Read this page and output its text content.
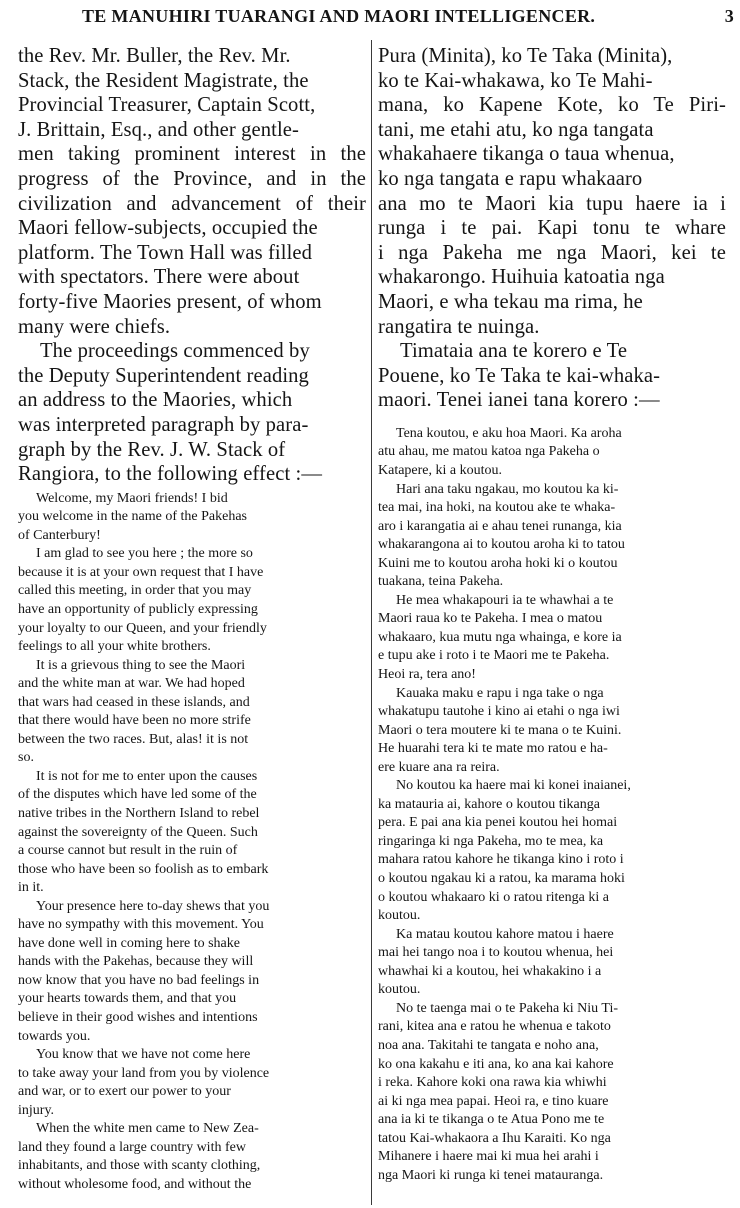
TE MANUHIRI TUARANGI AND MAORI INTELLIGENCER.	3
the Rev. Mr. Buller, the Rev. Mr.
Stack, the Resident Magistrate, the
Provincial Treasurer, Captain Scott,
J. Brittain, Esq., and other gentle-
men taking prominent interest in the
progress of the Province, and in the
civilization and advancement of their
Maori fellow-subjects, occupied the
platform. The Town Hall was filled
with spectators. There were about
forty-five Maories present, of whom
many were chiefs.
The proceedings commenced by
the Deputy Superintendent reading
an address to the Maories, which
was interpreted paragraph by para-
graph by the Rev. J. W. Stack of
Rangiora, to the following effect :—
Welcome, my Maori friends! I bid
you welcome in the name of the Pakehas
of Canterbury!
I am glad to see you here ; the more so
because it is at your own request that I have
called this meeting, in order that you may
have an opportunity of publicly expressing
your loyalty to our Queen, and your friendly
feelings to all your white brothers.
It is a grievous thing to see the Maori
and the white man at war. We had hoped
that wars had ceased in these islands, and
that there would have been no more strife
between the two races. But, alas! it is not
so.
It is not for me to enter upon the causes
of the disputes which have led some of the
native tribes in the Northern Island to rebel
against the sovereignty of the Queen. Such
a course cannot but result in the ruin of
those who have been so foolish as to embark
in it.
Your presence here to-day shews that you
have no sympathy with this movement. You
have done well in coming here to shake
hands with the Pakehas, because they will
now know that you have no bad feelings in
your hearts towards them, and that you
believe in their good wishes and intentions
towards you.
You know that we have not come here
to take away your land from you by violence
and war, or to exert our power to your
injury.
When the white men came to New Zea-
land they found a large country with few
inhabitants, and those with scanty clothing,
without wholesome food, and without the
Pura (Minita), ko Te Taka (Minita),
ko te Kai-whakawa, ko Te Mahi-
mana, ko Kapene Kote, ko Te Piri-
tani, me etahi atu, ko nga tangata
whakahaere tikanga o taua whenua,
ko nga tangata e rapu whakaaro
ana mo te Maori kia tupu haere ia i
runga i te pai. Kapi tonu te whare
i nga Pakeha me nga Maori, kei te
whakarongo. Huihuia katoatia nga
Maori, e wha tekau ma rima, he
rangatira te nuinga.
Timataia ana te korero e Te
Pouene, ko Te Taka te kai-whaka-
maori. Tenei ianei tana korero :—
Tena koutou, e aku hoa Maori. Ka aroha
atu ahau, me matou katoa nga Pakeha o
Katapere, ki a koutou.
Hari ana taku ngakau, mo koutou ka ki-
tea mai, ina hoki, na koutou ake te whaka-
aro i karangatia ai e ahau tenei runanga, kia
whakarangona ai to koutou aroha ki to tatou
Kuini me to koutou aroha hoki ki o koutou
tuakana, teina Pakeha.
He mea whakapouri ia te whawhai a te
Maori raua ko te Pakeha. I mea o matou
whakaaro, kua mutu nga whainga, e kore ia
e tupu ake i roto i te Maori me te Pakeha.
Heoi ra, tera ano!
Kauaka maku e rapu i nga take o nga
whakatupu tautohe i kino ai etahi o nga iwi
Maori o tera moutere ki te mana o te Kuini.
He huarahi tera ki te mate mo ratou e ha-
ere kuare ana ra reira.
No koutou ka haere mai ki konei inaianei,
ka matauria ai, kahore o koutou tikanga
pera. E pai ana kia penei koutou hei homai
ringaringa ki nga Pakeha, mo te mea, ka
mahara ratou kahore he tikanga kino i roto i
o koutou ngakau ki a ratou, ka marama hoki
o koutou whakaaro ki o ratou ritenga ki a
koutou.
Ka matau koutou kahore matou i haere
mai hei tango noa i to koutou whenua, hei
whawhai ki a koutou, hei whakakino i a
koutou.
No te taenga mai o te Pakeha ki Niu Ti-
rani, kitea ana e ratou he whenua e takoto
noa ana. Takitahi te tangata e noho ana,
ko ona kakahu e iti ana, ko ana kai kahore
i reka. Kahore koki ona rawa kia whiwhi
ai ki nga mea papai. Heoi ra, e tino kuare
ana ia ki te tikanga o te Atua Pono me te
tatou Kai-whakaora a Ihu Karaiti. Ko nga
Mihanere i haere mai ki mua hei arahi i
nga Maori ki runga ki tenei matauranga.
